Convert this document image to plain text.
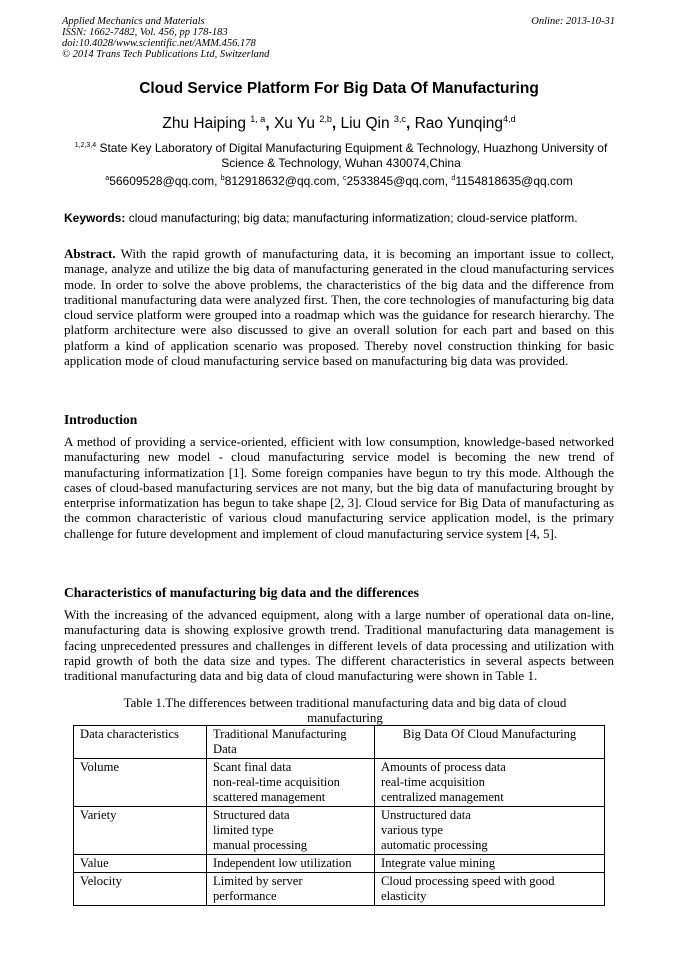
Applied Mechanics and Materials
ISSN: 1662-7482, Vol. 456, pp 178-183
doi:10.4028/www.scientific.net/AMM.456.178
© 2014 Trans Tech Publications Ltd, Switzerland
Online: 2013-10-31
Cloud Service Platform For Big Data Of Manufacturing
Zhu Haiping $^{1, a}$, Xu Yu $^{2,b}$, Liu Qin $^{3,c}$, Rao Yunqing$^{4,d}$
$^{1,2,3,4}$ State Key Laboratory of Digital Manufacturing Equipment & Technology, Huazhong University of Science & Technology, Wuhan 430074,China
$^a$56609528@qq.com, $^b$812918632@qq.com, $^c$2533845@qq.com, $^d$1154818635@qq.com
Keywords: cloud manufacturing; big data; manufacturing informatization; cloud-service platform.

Abstract. With the rapid growth of manufacturing data, it is becoming an important issue to collect, manage, analyze and utilize the big data of manufacturing generated in the cloud manufacturing services mode. In order to solve the above problems, the characteristics of the big data and the difference from traditional manufacturing data were analyzed first. Then, the core technologies of manufacturing big data cloud service platform were grouped into a roadmap which was the guidance for research hierarchy. The platform architecture were also discussed to give an overall solution for each part and based on this platform a kind of application scenario was proposed. Thereby novel construction thinking for basic application mode of cloud manufacturing service based on manufacturing big data was provided.

Introduction

A method of providing a service-oriented, efficient with low consumption, knowledge-based networked manufacturing new model - cloud manufacturing service model is becoming the new trend of manufacturing informatization [1]. Some foreign companies have begun to try this mode. Although the cases of cloud-based manufacturing services are not many, but the big data of manufacturing brought by enterprise informatization has begun to take shape [2, 3]. Cloud service for Big Data of manufacturing as the common characteristic of various cloud manufacturing service application model, is the primary challenge for future development and implement of cloud manufacturing service system [4, 5].

Characteristics of manufacturing big data and the differences

With the increasing of the advanced equipment, along with a large number of operational data on-line, manufacturing data is showing explosive growth trend. Traditional manufacturing data management is facing unprecedented pressures and challenges in different levels of data processing and utilization with rapid growth of both the data size and types. The different characteristics in several aspects between traditional manufacturing data and big data of cloud manufacturing were shown in Table 1.

Table 1.The differences between traditional manufacturing data and big data of cloud manufacturing
Data characteristics	Traditional Manufacturing Data	Big Data Of Cloud Manufacturing
Volume	Scant final data
non-real-time acquisition
scattered management	Amounts of process data
real-time acquisition
centralized management

Variety	Structured data
limited type
manual processing	Unstructured data
various type
automatic processing

Value	Independent low utilization	Integrate value mining
Velocity	Limited by server performance	Cloud processing speed with good elasticity
